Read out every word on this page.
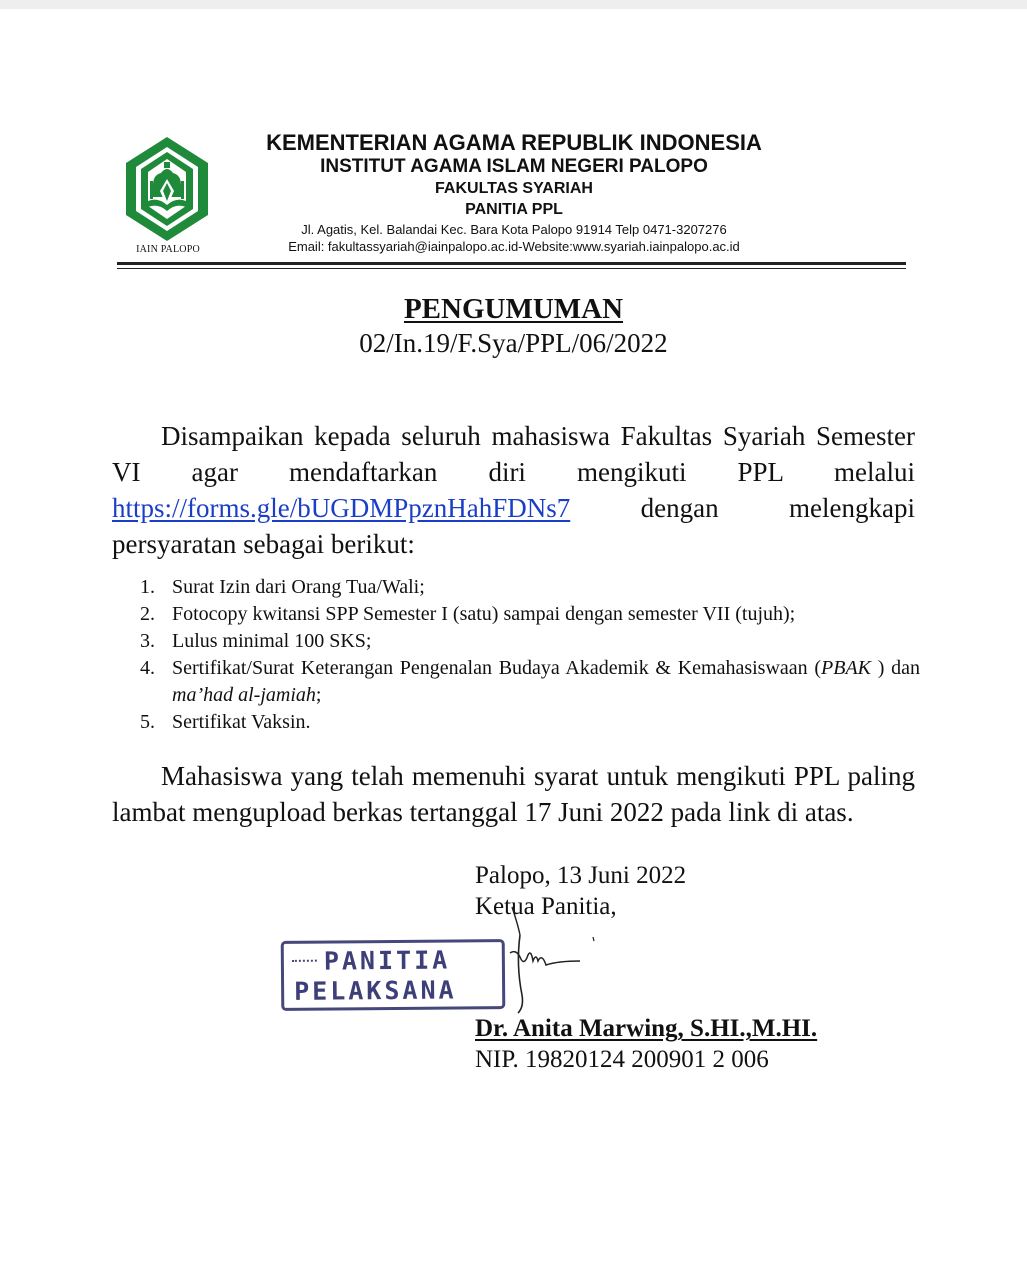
IAIN PALOPO
KEMENTERIAN AGAMA REPUBLIK INDONESIA
INSTITUT AGAMA ISLAM NEGERI PALOPO
FAKULTAS SYARIAH
PANITIA PPL
Jl. Agatis, Kel. Balandai Kec. Bara Kota Palopo 91914 Telp 0471-3207276
Email: fakultassyariah@iainpalopo.ac.id-Website:www.syariah.iainpalopo.ac.id
PENGUMUMAN
02/In.19/F.Sya/PPL/06/2022
Disampaikan kepada seluruh mahasiswa Fakultas Syariah Semester VI agar mendaftarkan diri mengikuti PPL melalui https://forms.gle/bUGDMPpznHahFDNs7 dengan melengkapi persyaratan sebagai berikut:
1. Surat Izin dari Orang Tua/Wali;
2. Fotocopy kwitansi SPP Semester I (satu) sampai dengan semester VII (tujuh);
3. Lulus minimal 100 SKS;
4. Sertifikat/Surat Keterangan Pengenalan Budaya Akademik & Kemahasiswaan (PBAK ) dan ma’had al-jamiah;
5. Sertifikat Vaksin.
Mahasiswa yang telah memenuhi syarat untuk mengikuti PPL paling lambat mengupload berkas tertanggal 17 Juni 2022 pada link di atas.
Palopo, 13 Juni 2022
Ketua Panitia,
PANITIA
PELAKSANA
Dr. Anita Marwing, S.HI.,M.HI.
NIP. 19820124 200901 2 006
